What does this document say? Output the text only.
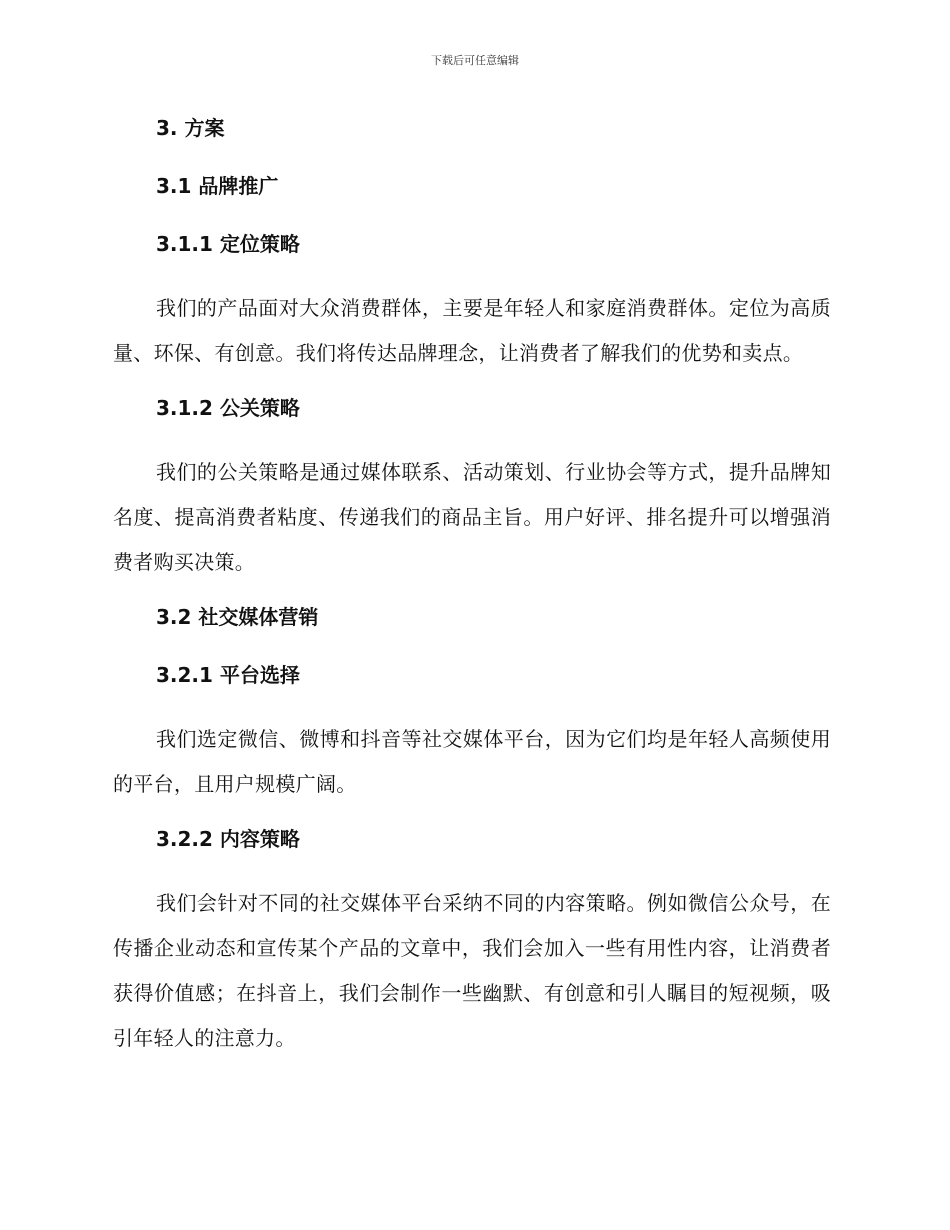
下载后可任意编辑
3. 方案
3.1 品牌推广
3.1.1 定位策略

我们的产品面对大众消费群体，主要是年轻人和家庭消费群体。定位为高质量、环保、有创意。我们将传达品牌理念，让消费者了解我们的优势和卖点。

3.1.2 公关策略

我们的公关策略是通过媒体联系、活动策划、行业协会等方式，提升品牌知名度、提高消费者粘度、传递我们的商品主旨。用户好评、排名提升可以增强消费者购买决策。

3.2 社交媒体营销
3.2.1 平台选择

我们选定微信、微博和抖音等社交媒体平台，因为它们均是年轻人高频使用的平台，且用户规模广阔。

3.2.2 内容策略

我们会针对不同的社交媒体平台采纳不同的内容策略。例如微信公众号，在传播企业动态和宣传某个产品的文章中，我们会加入一些有用性内容，让消费者获得价值感；在抖音上，我们会制作一些幽默、有创意和引人瞩目的短视频，吸引年轻人的注意力。
